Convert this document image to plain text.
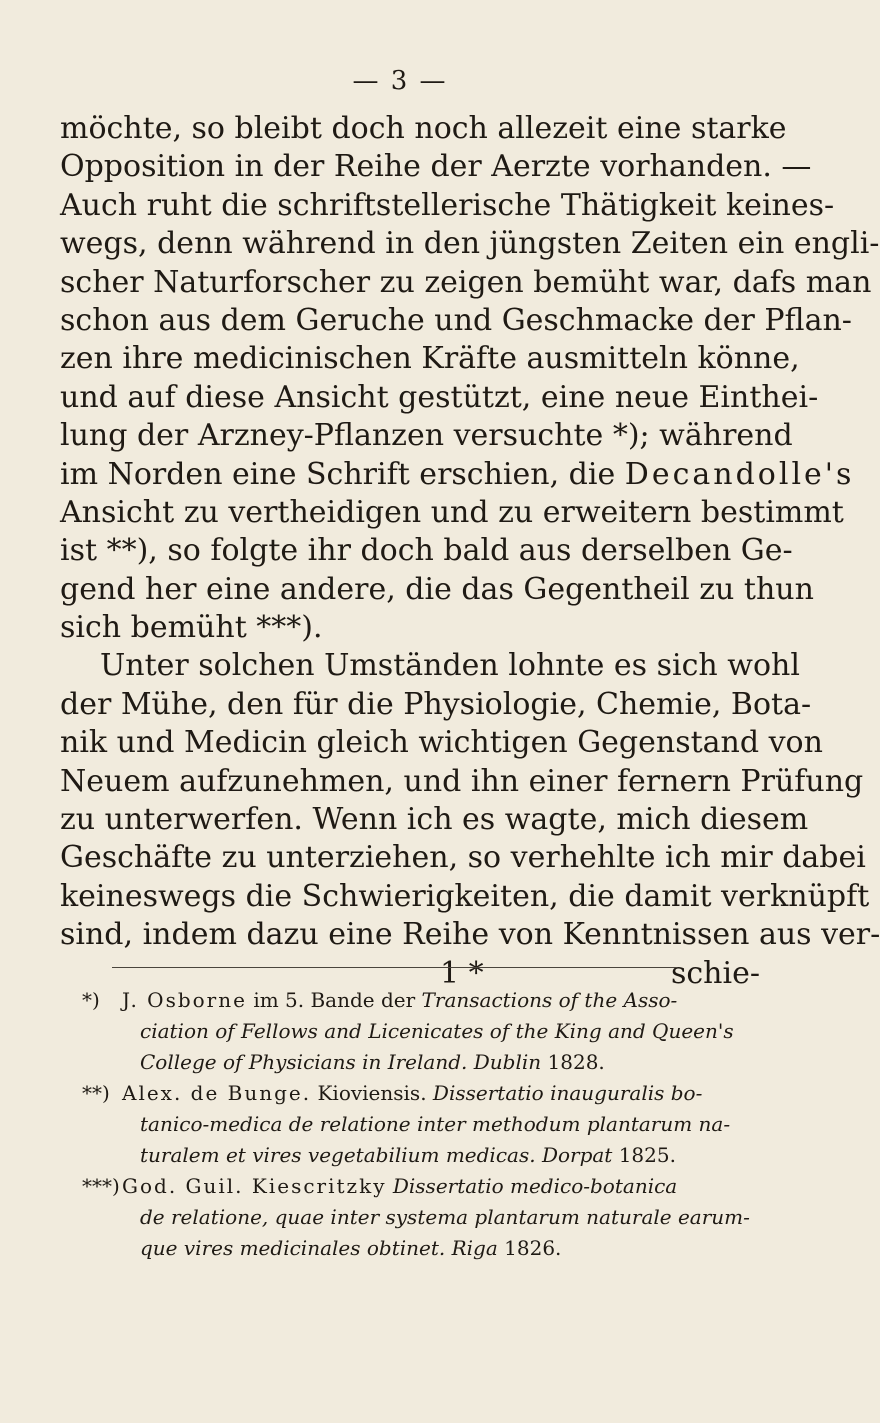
— 3 —
möchte, so bleibt doch noch allezeit eine starke
Opposition in der Reihe der Aerzte vorhanden. —
Auch ruht die schriftstellerische Thätigkeit keines-
wegs, denn während in den jüngsten Zeiten ein engli-
scher Naturforscher zu zeigen bemüht war, dafs man
schon aus dem Geruche und Geschmacke der Pflan-
zen ihre medicinischen Kräfte ausmitteln könne,
und auf diese Ansicht gestützt, eine neue Einthei-
lung der Arzney-Pflanzen versuchte *); während
im Norden eine Schrift erschien, die Decandolle's
Ansicht zu vertheidigen und zu erweitern bestimmt
ist **), so folgte ihr doch bald aus derselben Ge-
gend her eine andere, die das Gegentheil zu thun
sich bemüht ***).
Unter solchen Umständen lohnte es sich wohl
der Mühe, den für die Physiologie, Chemie, Bota-
nik und Medicin gleich wichtigen Gegenstand von
Neuem aufzunehmen, und ihn einer fernern Prüfung
zu unterwerfen. Wenn ich es wagte, mich diesem
Geschäfte zu unterziehen, so verhehlte ich mir dabei
keineswegs die Schwierigkeiten, die damit verknüpft
sind, indem dazu eine Reihe von Kenntnissen aus ver-
1 *	schie-
*) J. Osborne im 5. Bande der Transactions of the Asso-
ciation of Fellows and Licenicates of the King and Queen's
College of Physicians in Ireland. Dublin 1828.
**) Alex. de Bunge. Kioviensis. Dissertatio inauguralis bo-
tanico-medica de relatione inter methodum plantarum na-
turalem et vires vegetabilium medicas. Dorpat 1825.
***) God. Guil. Kiescritzky Dissertatio medico-botanica
de relatione, quae inter systema plantarum naturale earum-
que vires medicinales obtinet. Riga 1826.
